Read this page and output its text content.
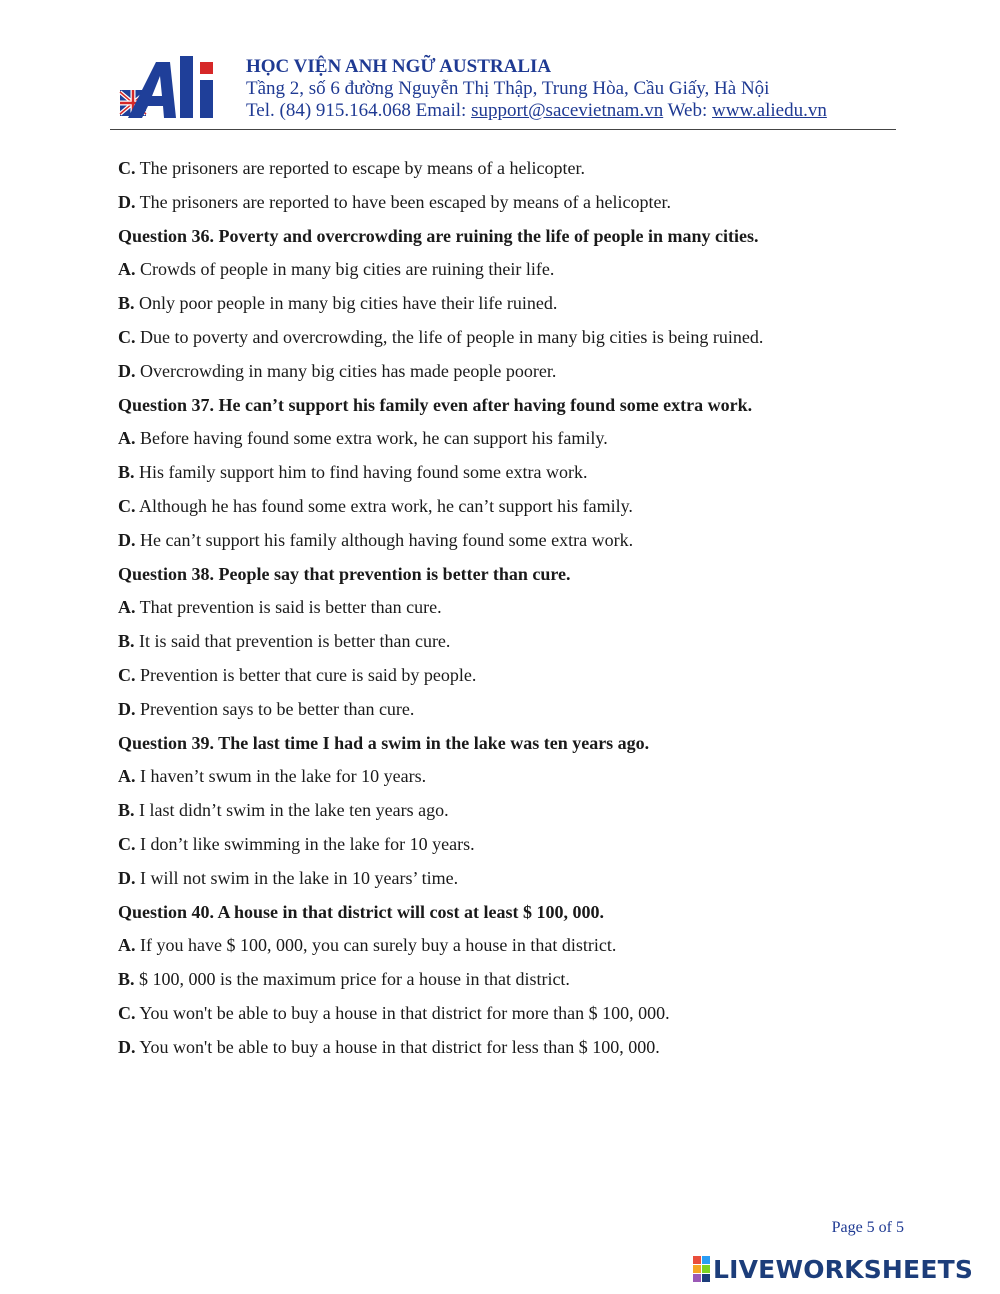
HỌC VIỆN ANH NGỮ AUSTRALIA
Tầng 2, số 6 đường Nguyễn Thị Thập, Trung Hòa, Cầu Giấy, Hà Nội
Tel. (84) 915.164.068 Email: support@sacevietnam.vn Web: www.aliedu.vn
C. The prisoners are reported to escape by means of a helicopter.
D. The prisoners are reported to have been escaped by means of a helicopter.
Question 36. Poverty and overcrowding are ruining the life of people in many cities.
A. Crowds of people in many big cities are ruining their life.
B. Only poor people in many big cities have their life ruined.
C. Due to poverty and overcrowding, the life of people in many big cities is being ruined.
D. Overcrowding in many big cities has made people poorer.
Question 37. He can’t support his family even after having found some extra work.
A. Before having found some extra work, he can support his family.
B. His family support him to find having found some extra work.
C. Although he has found some extra work, he can’t support his family.
D. He can’t support his family although having found some extra work.
Question 38. People say that prevention is better than cure.
A. That prevention is said is better than cure.
B. It is said that prevention is better than cure.
C. Prevention is better that cure is said by people.
D. Prevention says to be better than cure.
Question 39. The last time I had a swim in the lake was ten years ago.
A. I haven’t swum in the lake for 10 years.
B. I last didn’t swim in the lake ten years ago.
C. I don’t like swimming in the lake for 10 years.
D. I will not swim in the lake in 10 years’ time.
Question 40. A house in that district will cost at least $ 100, 000.
A. If you have $ 100, 000, you can surely buy a house in that district.
B. $ 100, 000 is the maximum price for a house in that district.
C. You won't be able to buy a house in that district for more than $ 100, 000.
D. You won't be able to buy a house in that district for less than $ 100, 000.
Page 5 of 5
LIVEWORKSHEETS
